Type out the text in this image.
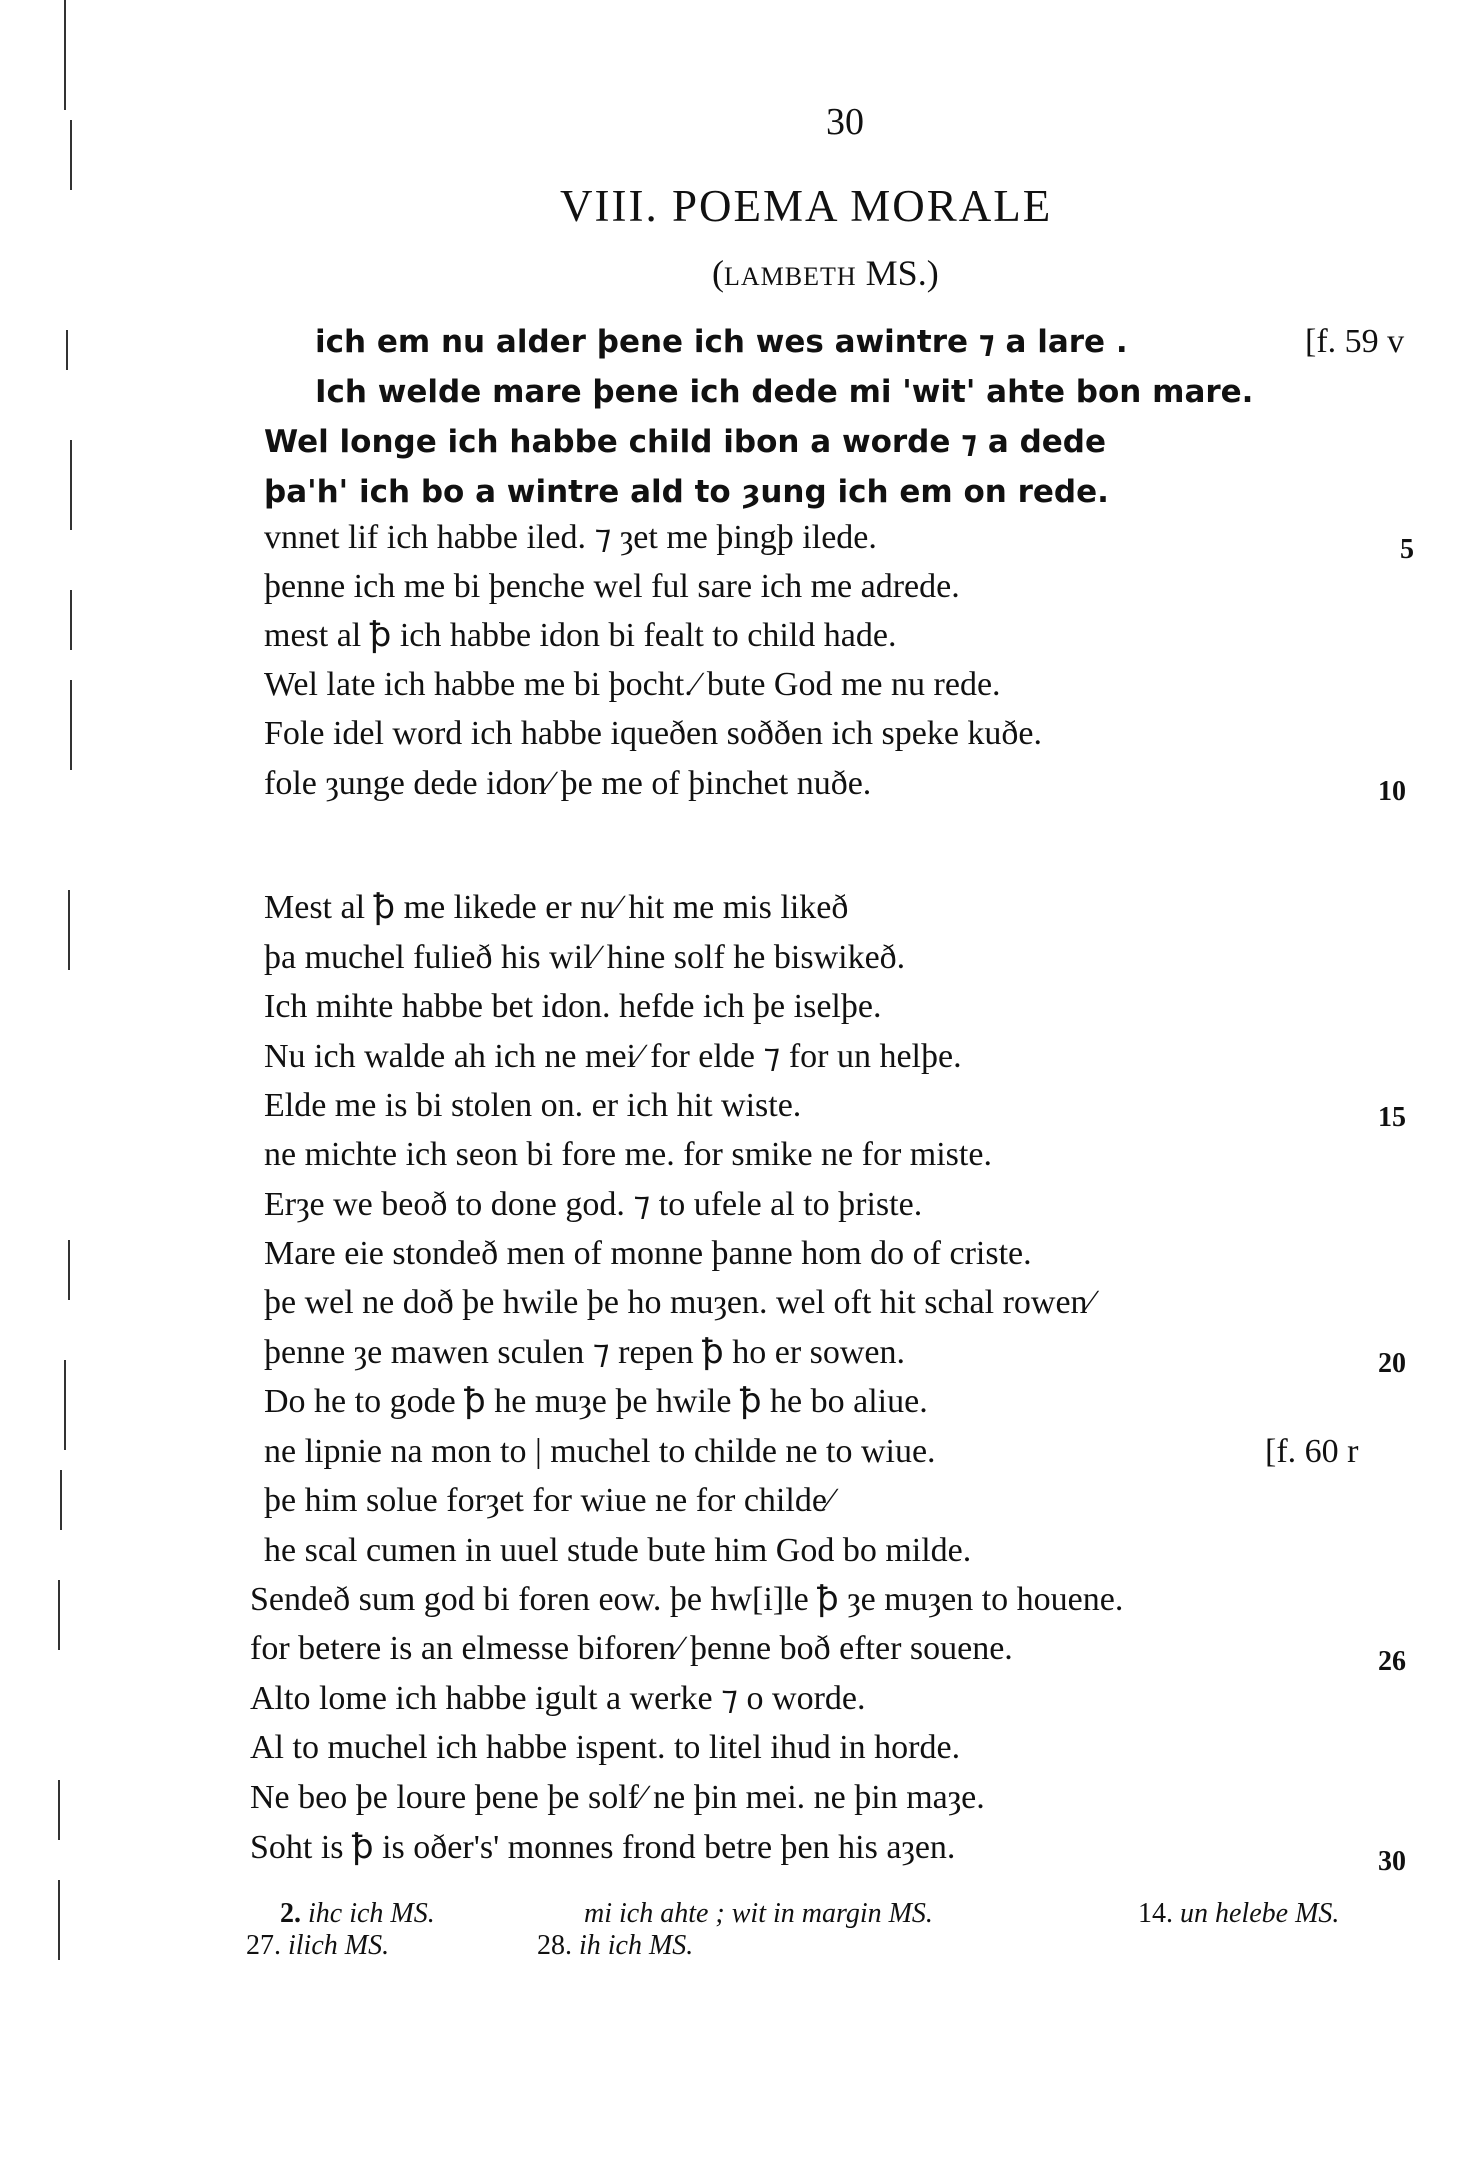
30
VIII. POEMA MORALE
(LAMBETH MS.)
ich em nu alder þene ich wes awintre ⁊ a lare .
Ich welde mare þene ich dede mi 'wit' ahte bon mare.
Wel longe ich habbe child ibon a worde ⁊ a dede
þa'h' ich bo a wintre ald to ȝung ich em on rede.
vnnet lif ich habbe iled. ⁊ ȝet me þingþ ilede.
þenne ich me bi þenche wel ful sare ich me adrede.
mest al ꝥ ich habbe idon bi fealt to child hade.
Wel late ich habbe me bi þocht.∕ bute God me nu rede.
Fole idel word ich habbe iqueðen soððen ich speke kuðe.
fole ȝunge dede idon∕ þe me of þinchet nuðe.
Mest al ꝥ me likede er nu∕ hit me mis likeð
þa muchel fulieð his wil∕ hine solf he biswikeð.
Ich mihte habbe bet idon. hefde ich þe iselþe.
Nu ich walde ah ich ne mei∕ for elde ⁊ for un helþe.
Elde me is bi stolen on. er ich hit wiste.
ne michte ich seon bi fore me. for smike ne for miste.
Erȝe we beoð to done god. ⁊ to ufele al to þriste.
Mare eie stondeð men of monne þanne hom do of criste.
þe wel ne doð þe hwile þe ho muȝen. wel oft hit schal rowen∕
þenne ȝe mawen sculen ⁊ repen ꝥ ho er sowen.
Do he to gode ꝥ he muȝe þe hwile ꝥ he bo aliue.
ne lipnie na mon to | muchel to childe ne to wiue.
þe him solue forȝet for wiue ne for childe∕
he scal cumen in uuel stude bute him God bo milde.
Sendeð sum god bi foren eow. þe hw[i]le ꝥ ȝe muȝen to houene.
for betere is an elmesse biforen∕ þenne boð efter souene.
Alto lome ich habbe igult a werke ⁊ o worde.
Al to muchel ich habbe ispent. to litel ihud in horde.
Ne beo þe loure þene þe solf∕ ne þin mei. ne þin maȝe.
Soht is ꝥ is oðer's' monnes frond betre þen his aȝen.
[f. 59 v
[f. 60 r
5
10
15
20
26
30
2. ihc ich MS.	mi ich ahte ; wit in margin MS.	14. un helebe MS.
27. ilich MS.	28. ih ich MS.
